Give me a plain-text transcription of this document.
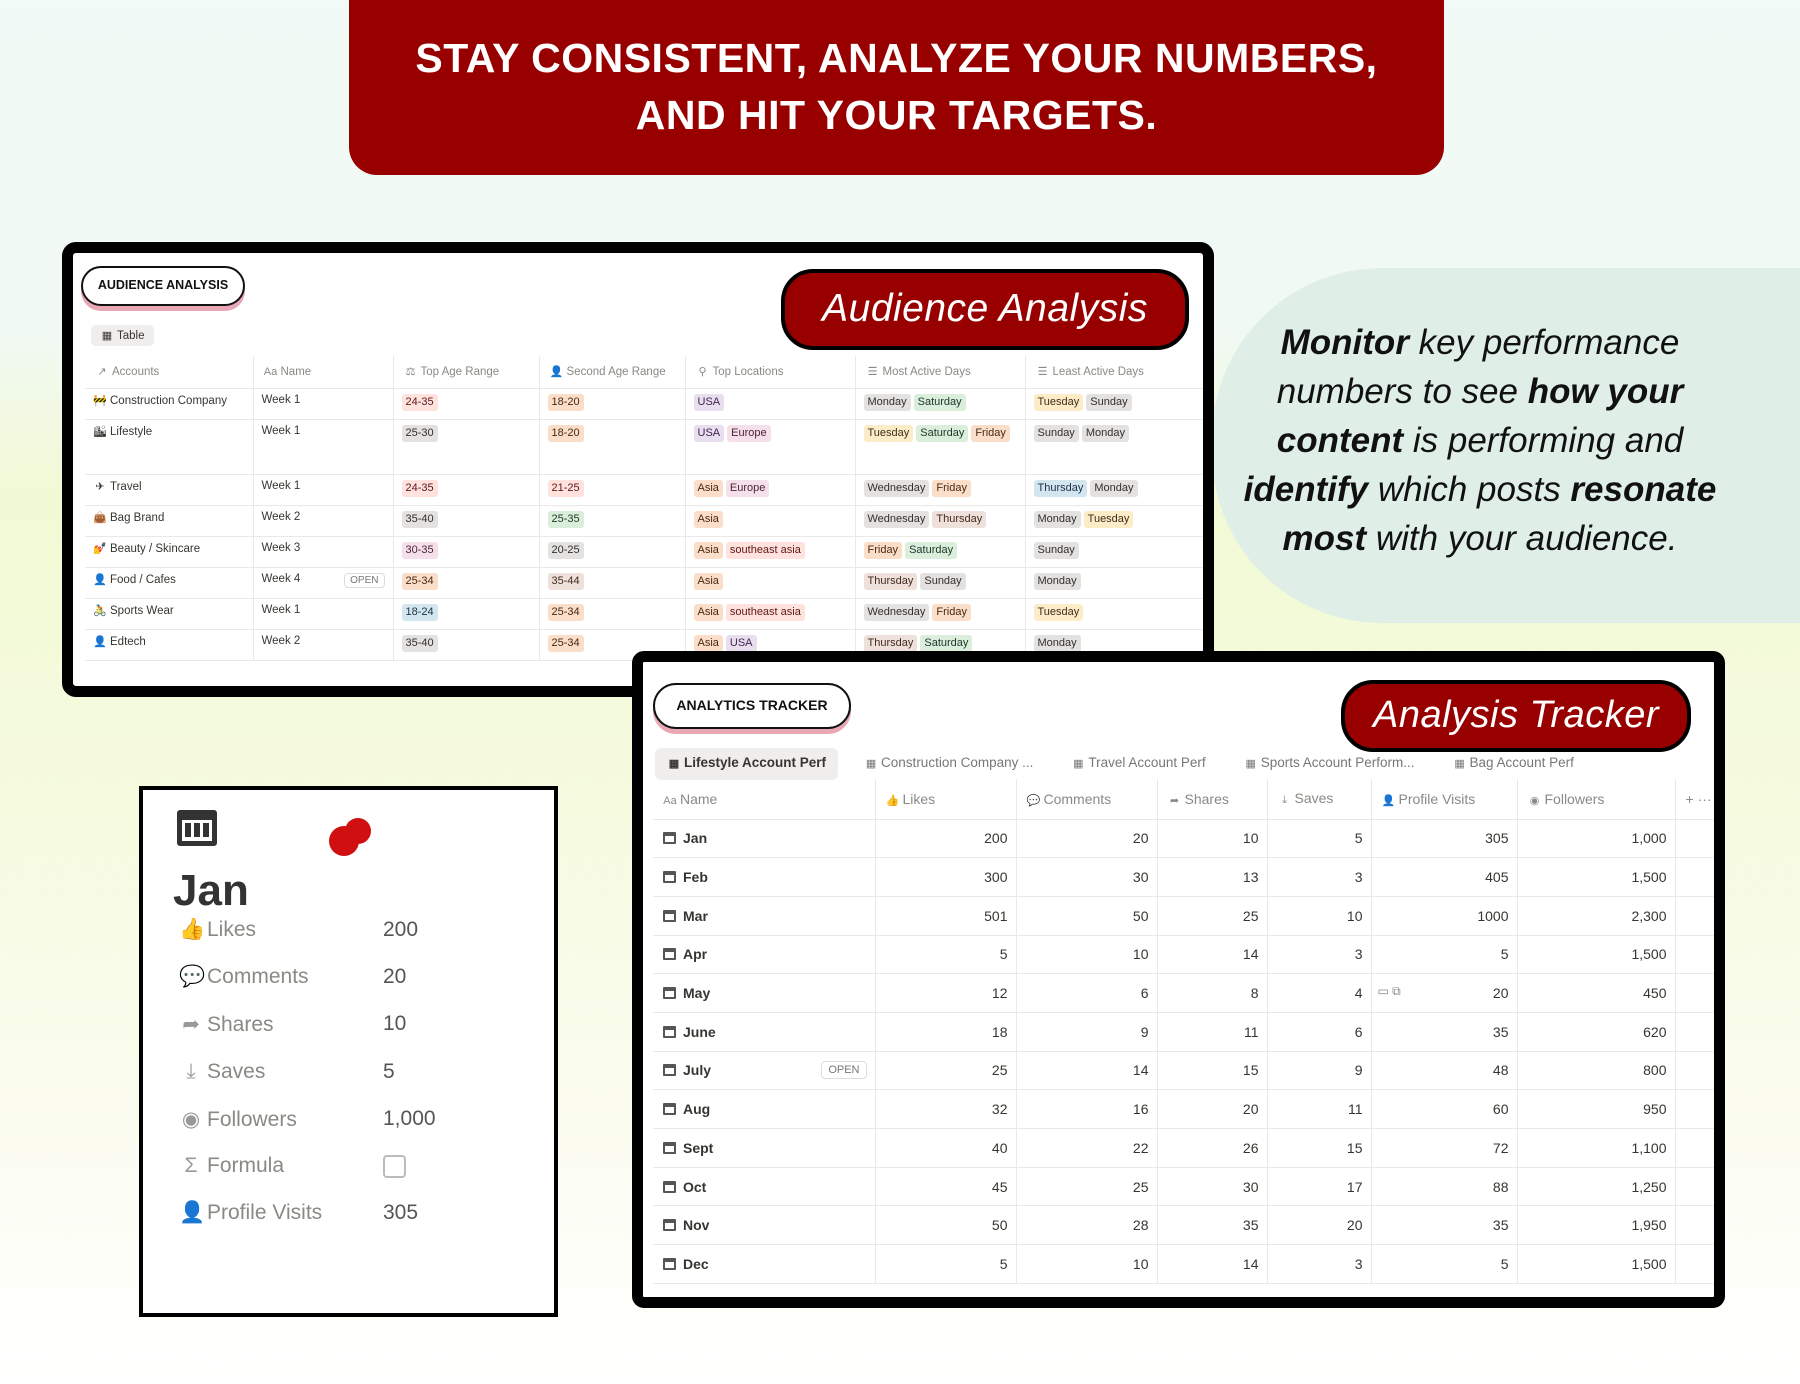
STAY CONSISTENT, ANALYZE YOUR NUMBERS,
AND HIT YOUR TARGETS.
Monitor key performance numbers to see how your content is performing and identify which posts resonate most with your audience.
AUDIENCE ANALYSIS
Audience Analysis
▦ Table
↗ Accounts	Aa Name	⚖ Top Age Range	👤 Second Age Range	⚲ Top Locations	☰ Most Active Days	☰ Least Active Days
🚧 Construction Company	Week 1	24-35	18-20	USA	Monday Saturday	Tuesday Sunday
🏙 Lifestyle	Week 1	25-30	18-20	USA Europe	Tuesday Saturday Friday	Sunday Monday
✈ Travel	Week 1	24-35	21-25	Asia Europe	Wednesday Friday	Thursday Monday
👜 Bag Brand	Week 2	35-40	25-35	Asia	Wednesday Thursday	Monday Tuesday
💅 Beauty / Skincare	Week 3	30-35	20-25	Asia southeast asia	Friday Saturday	Sunday
👤 Food / Cafes	Week 4 OPEN	25-34	35-44	Asia	Thursday Sunday	Monday
🚴 Sports Wear	Week 1	18-24	25-34	Asia southeast asia	Wednesday Friday	Tuesday
👤 Edtech	Week 2	35-40	25-34	Asia USA	Thursday Saturday	Monday
ANALYTICS TRACKER	Analysis Tracker
▦ Lifestyle Account Perf	▦ Construction Company ...	▦ Travel Account Perf	▦ Sports Account Perform...	▦ Bag Account Perf
Aa Name	👍 Likes	💬 Comments	➦ Shares	⤓ Saves	👤 Profile Visits	◉ Followers	+ ···
Jan	200	20	10	5	305	1,000	
Feb	300	30	13	3	405	1,500	
Mar	501	50	25	10	1000	2,300	
Apr	5	10	14	3	5	1,500	
May	12	6	8	4	▭ ⧉ 20	450	
June	18	9	11	6	35	620	
July OPEN	25	14	15	9	48	800	
Aug	32	16	20	11	60	950	
Sept	40	22	26	15	72	1,100	
Oct	45	25	30	17	88	1,250	
Nov	50	28	35	20	35	1,950	
Dec	5	10	14	3	5	1,500	
Jan
👍Likes	200
💬Comments	20
➦ Shares	10
⤓ Saves	5
◉ Followers	1,000
Σ Formula
👤Profile Visits	305
